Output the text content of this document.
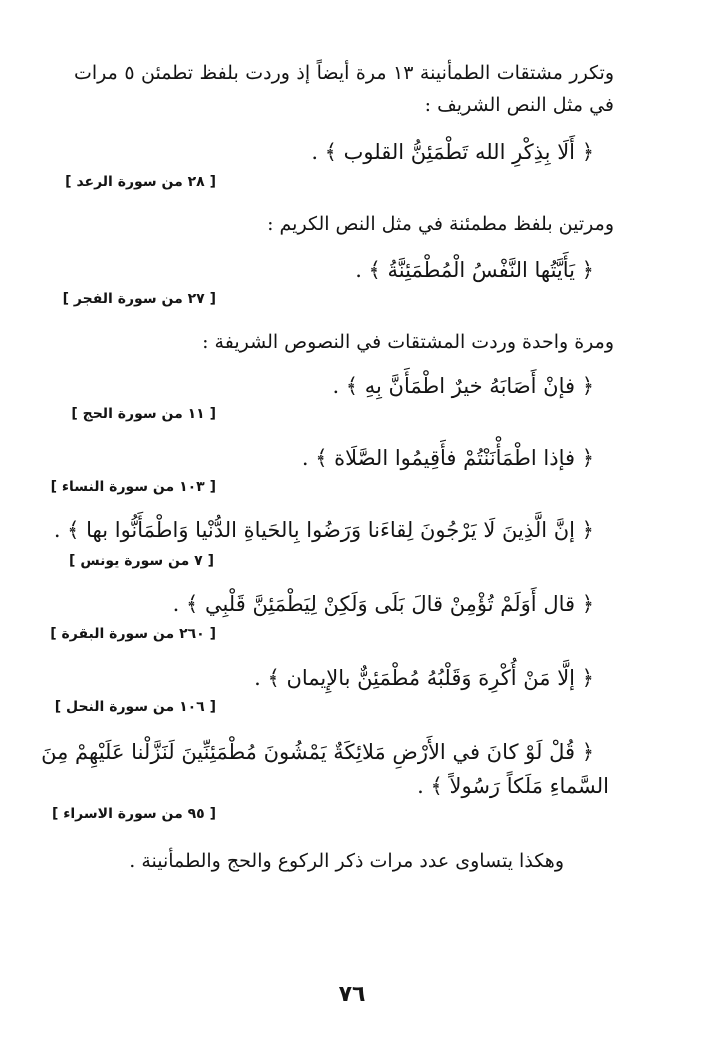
وتكرر مشتقات الطمأنينة ١٣ مرة أيضاً إذ وردت بلفظ تطمئن ٥ مرات
في مثل النص الشريف :
﴿ أَلَا بِذِكْرِ الله تَطْمَئِنُّ القلوب ﴾ .
[ ٢٨ من سورة الرعد ]
ومرتين بلفظ مطمئنة في مثل النص الكريم :
﴿ يَأَيَّتُها النَّفْسُ الْمُطْمَئِنَّةُ ﴾ .
[ ٢٧ من سورة الفجر ]
ومرة واحدة وردت المشتقات في النصوص الشريفة :
﴿ فإنْ أَصَابَهُ خيرٌ اطْمَأَنَّ بِهِ ﴾ .
[ ١١ من سورة الحج ]
﴿ فإذا اطْمَأْنَنْتُمْ فأَقِيمُوا الصَّلَاة ﴾ .
[ ١٠٣ من سورة النساء ]
﴿ إنَّ الَّذِينَ لَا يَرْجُونَ لِقاءَنا وَرَضُوا بِالحَياةِ الدُّنْيا وَاطْمَأَنُّوا بها ﴾ .
[ ٧ من سورة يونس ]
﴿ قال أَوَلَمْ تُؤْمِنْ قالَ بَلَى وَلَكِنْ لِيَطْمَئِنَّ قَلْبِي ﴾ .
[ ٢٦٠ من سورة البقرة ]
﴿ إلَّا مَنْ أُكْرِهَ وَقَلْبُهُ مُطْمَئِنٌّ بالإِيمان ﴾ .
[ ١٠٦ من سورة النحل ]
﴿ قُلْ لَوْ كانَ في الأَرْضِ مَلائِكَةٌ يَمْشُونَ مُطْمَئِنِّينَ لَنَزَّلْنا عَلَيْهِمْ مِنَ
السَّماءِ مَلَكاً رَسُولاً ﴾ .
[ ٩٥ من سورة الاسراء ]
وهكذا يتساوى عدد مرات ذكر الركوع والحج والطمأنينة .
٧٦
